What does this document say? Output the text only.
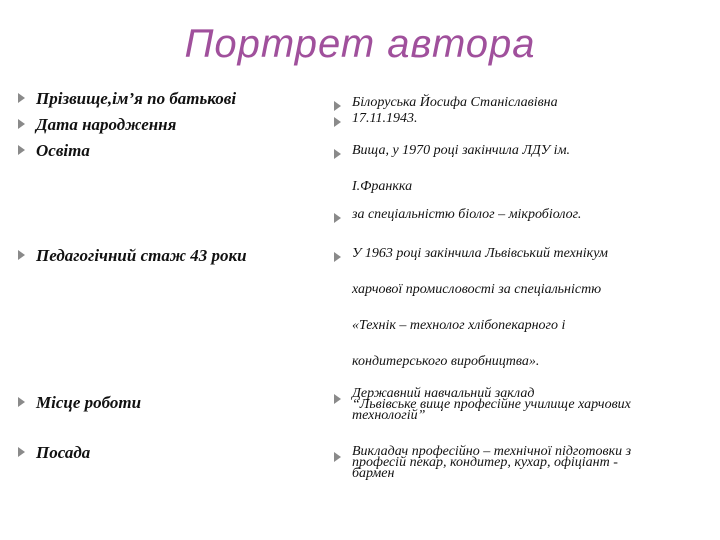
Портрет автора
Прізвище,ім’я по батькові
Дата народження
Освіта
Педагогічний стаж 43 роки
Місце роботи
Посада
Білоруська Йосифа Станіславівна
17.11.1943.
Вища, у 1970 році закінчила ЛДУ ім.
І.Франкка
за спеціальністю біолог – мікробіолог.
У 1963 році закінчила Львівський технікум
харчової промисловості за спеціальністю
«Технік – технолог хлібопекарного і
кондитерського виробництва».
Державний навчальний заклад
“Львівське вище професійне училище харчових
технологій”
Викладач професійно – технічної підготовки з
професій пекар, кондитер, кухар, офіціант -
бармен
